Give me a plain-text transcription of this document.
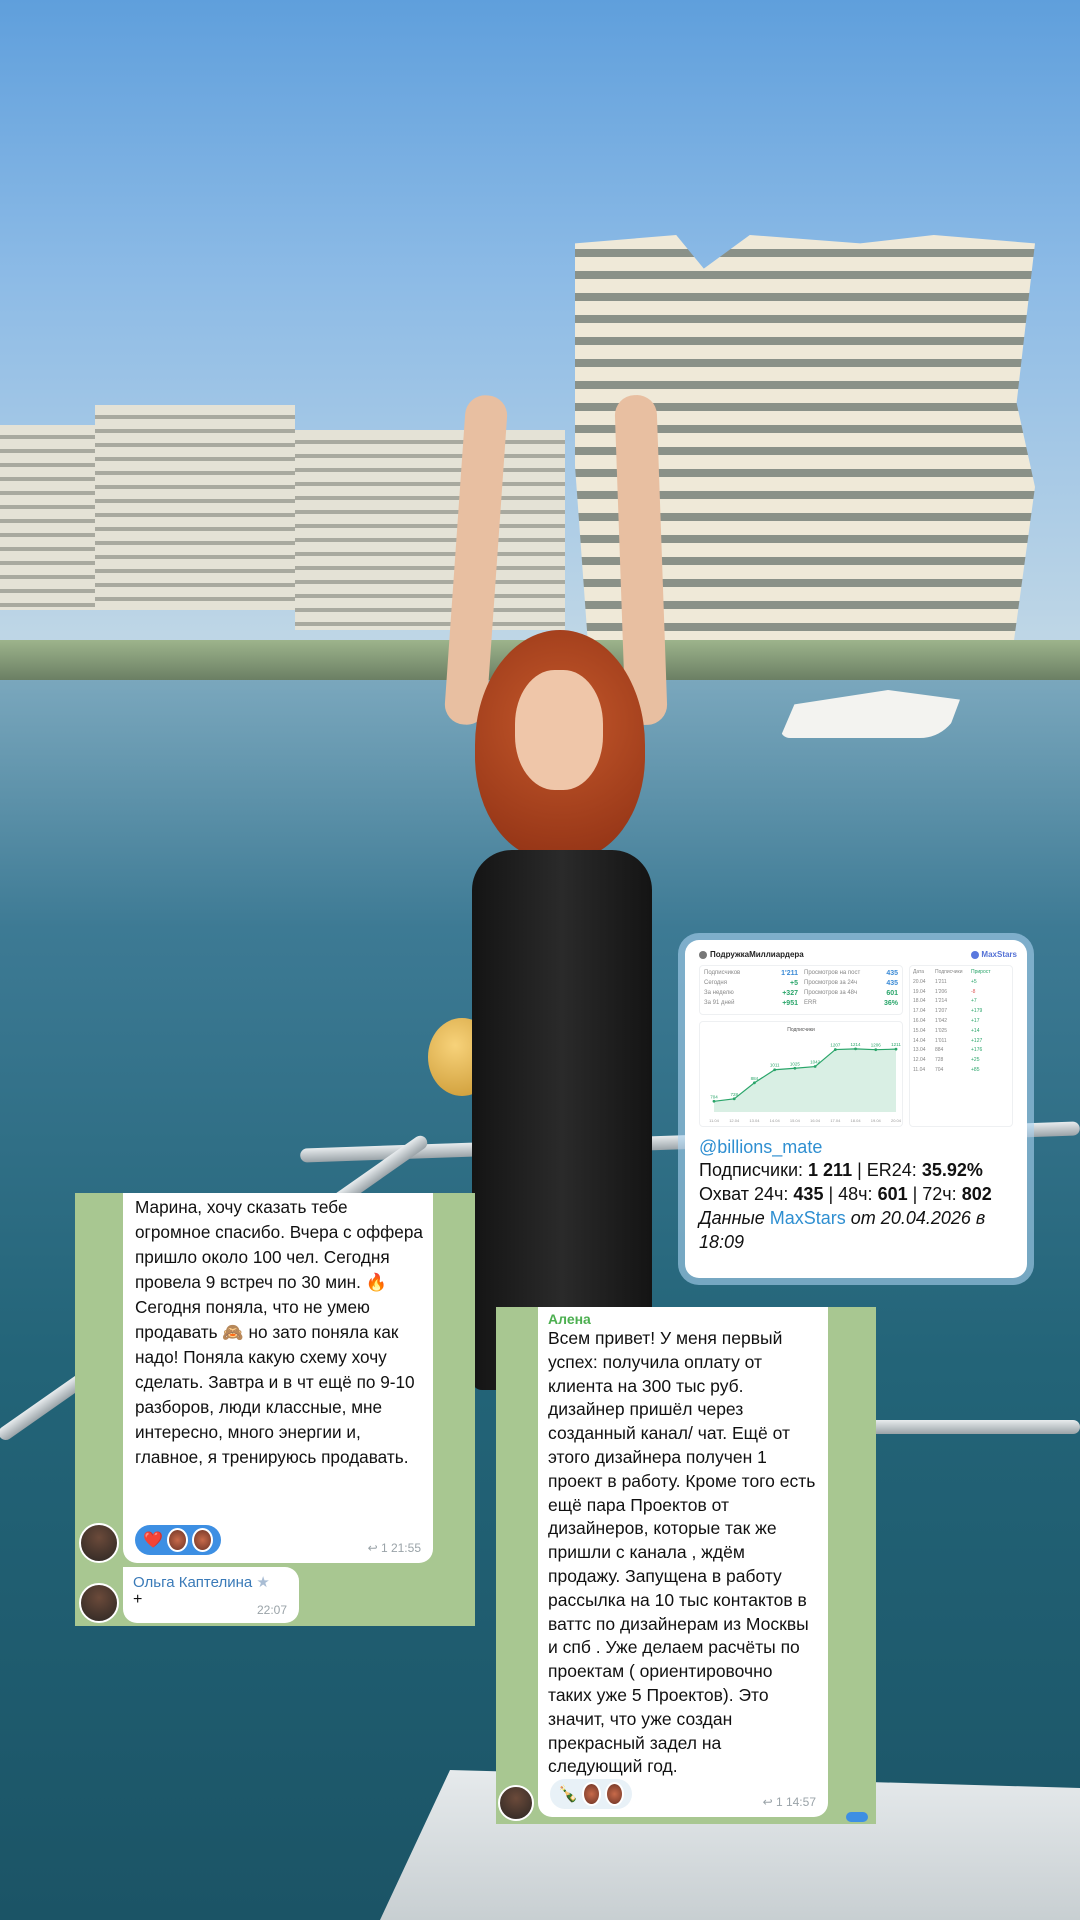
ПодружкаМиллиардера	MaxStars
Подписчиков	1'211
Сегодня	+5
За неделю	+327
За 91 дней	+951
Просмотров на пост	435
Просмотров за 24ч	435
Просмотров за 48ч	601
ERR	36%
Подписчики
704
11.04
728
12.04
884
13.04
1011
14.04
1025
15.04
1042
16.04
1207
17.04
1214
18.04
1206
19.04
1211
20.04
Дата	Подписчики	Прирост
20.04	1'211	+5
19.04	1'206	-8
18.04	1'214	+7
17.04	1'207	+179
16.04	1'042	+17
15.04	1'025	+14
14.04	1'011	+127
13.04	884	+176
12.04	728	+25
11.04	704	+85
@billions_mate
Подписчики: 1 211 | ER24: 35.92%
Охват 24ч: 435 | 48ч: 601 | 72ч: 802
Данные MaxStars от 20.04.2026 в 18:09
Марина, хочу сказать тебе огромное спасибо. Вчера с оффера пришло около 100 чел. Сегодня провела 9 встреч по 30 мин. 🔥
Сегодня поняла, что не умею продавать 🙈 но зато поняла как надо! Поняла какую схему хочу сделать. Завтра и в чт ещё по 9-10 разборов, люди классные, мне интересно, много энергии и, главное, я тренируюсь продавать.
❤️	↩ 1 21:55
Ольга Каптелина ★
+
22:07
Алена
Всем привет! У меня первый успех: получила оплату от клиента на 300 тыс руб. дизайнер пришёл через созданный канал/ чат. Ещё от этого дизайнера получен 1 проект в работу. Кроме того есть ещё пара Проектов от дизайнеров, которые так же пришли с канала , ждём продажу. Запущена в работу рассылка на 10 тыс контактов в ваттс по дизайнерам из Москвы и спб . Уже делаем расчёты по проектам ( ориентировочно таких уже 5 Проектов). Это значит, что уже создан прекрасный задел на следующий год.
🍾	↩ 1 14:57
